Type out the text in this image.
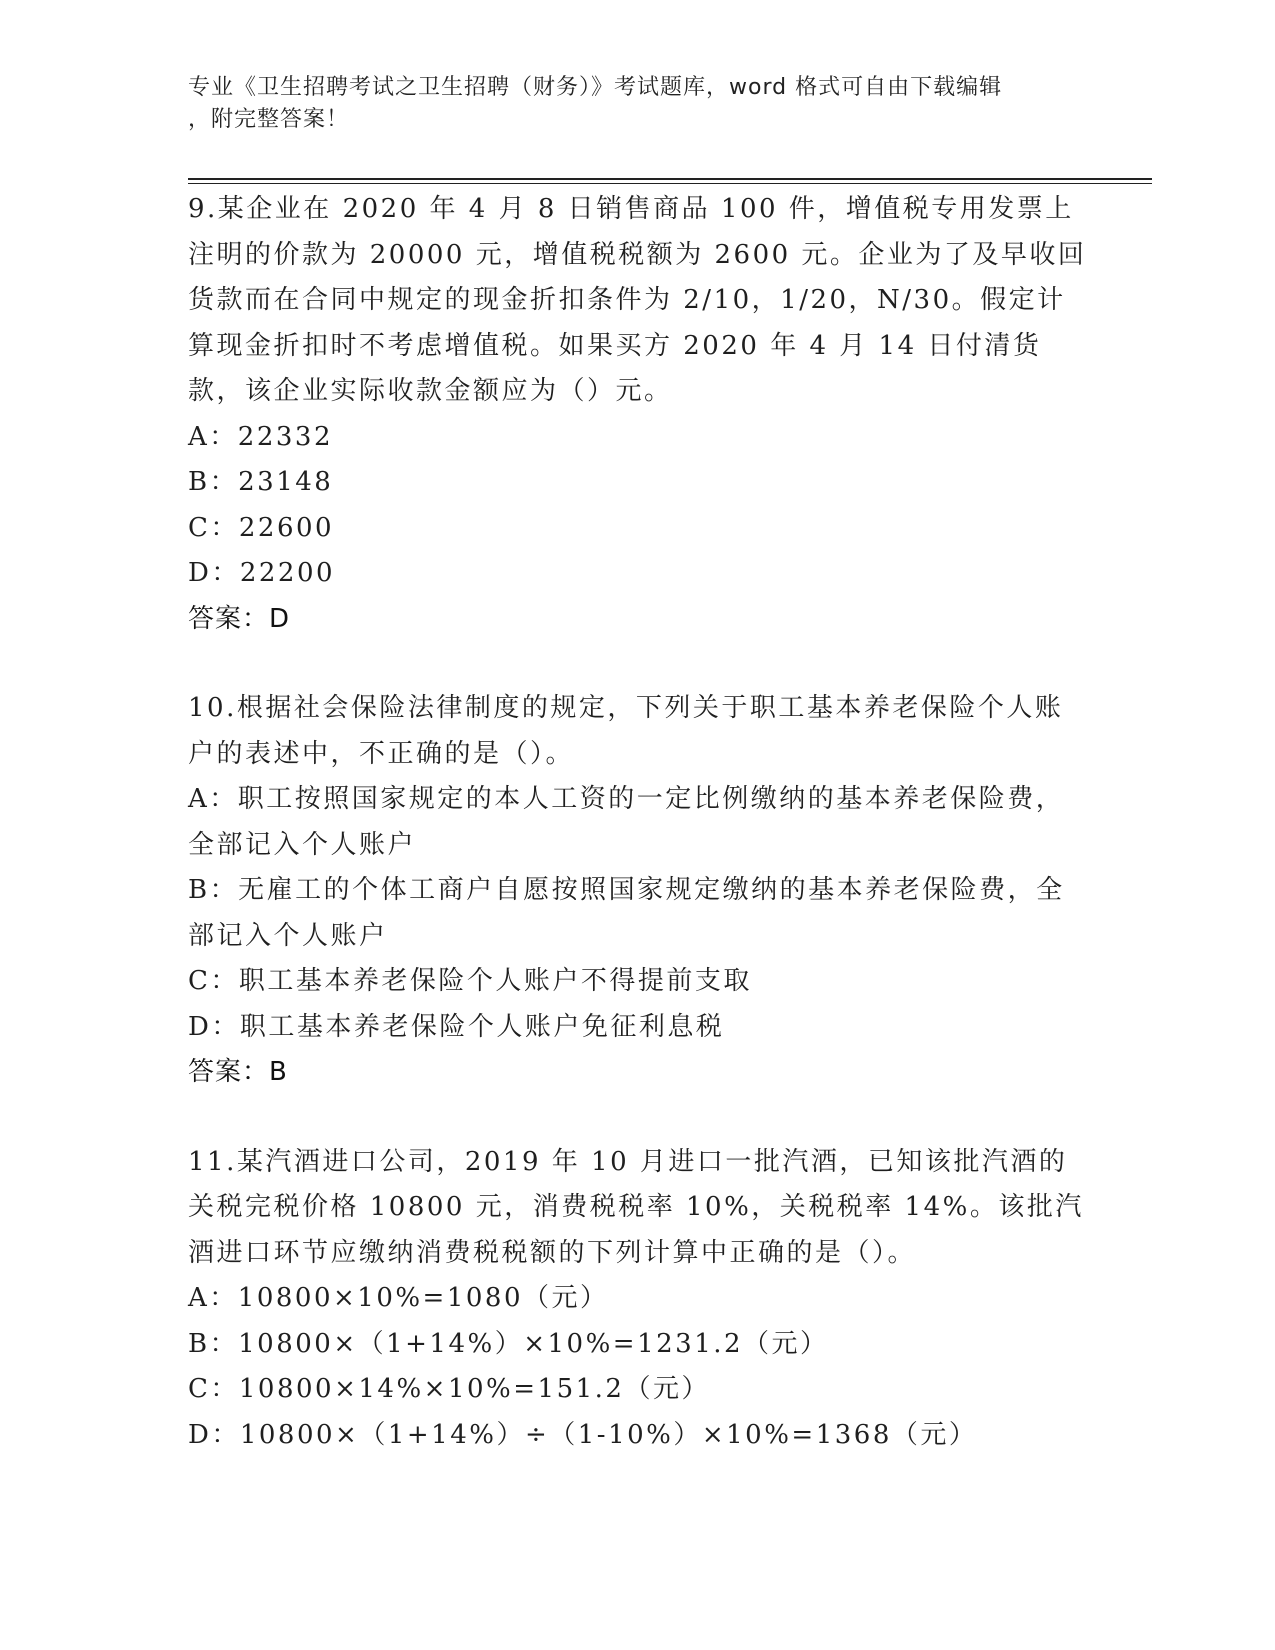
专业《卫生招聘考试之卫生招聘（财务）》考试题库，word 格式可自由下载编辑
，附完整答案！
9.某企业在 2020 年 4 月 8 日销售商品 100 件，增值税专用发票上注明的价款为 20000 元，增值税税额为 2600 元。企业为了及早收回货款而在合同中规定的现金折扣条件为 2/10，1/20，N/30。假定计算现金折扣时不考虑增值税。如果买方 2020 年 4 月 14 日付清货款，该企业实际收款金额应为（）元。
A：22332
B：23148
C：22600
D：22200
答案：D
10.根据社会保险法律制度的规定，下列关于职工基本养老保险个人账户的表述中，不正确的是（）。
A：职工按照国家规定的本人工资的一定比例缴纳的基本养老保险费，全部记入个人账户
B：无雇工的个体工商户自愿按照国家规定缴纳的基本养老保险费，全部记入个人账户
C：职工基本养老保险个人账户不得提前支取
D：职工基本养老保险个人账户免征利息税
答案：B
11.某汽酒进口公司，2019 年 10 月进口一批汽酒，已知该批汽酒的关税完税价格 10800 元，消费税税率 10%，关税税率 14%。该批汽酒进口环节应缴纳消费税税额的下列计算中正确的是（）。
A：10800×10%=1080（元）
B：10800×（1+14%）×10%=1231.2（元）
C：10800×14%×10%=151.2（元）
D：10800×（1+14%）÷（1-10%）×10%=1368（元）
